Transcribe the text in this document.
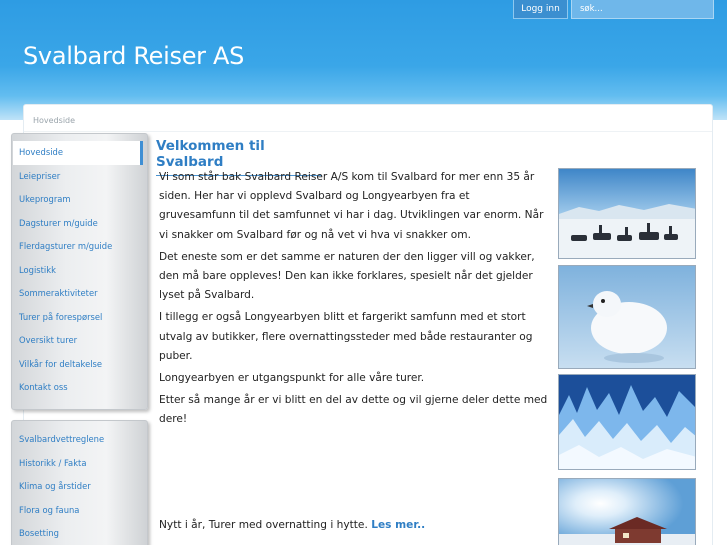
Svalbard Reiser AS
Logg inn
søk...
Hovedside
Hovedside
Leiepriser
Ukeprogram
Dagsturer m/guide
Flerdagsturer m/guide
Logistikk
Sommeraktiviteter
Turer på forespørsel
Oversikt turer
Vilkår for deltakelse
Kontakt oss
Svalbardvettreglene
Historikk / Fakta
Klima og årstider
Flora og fauna
Bosetting
Velkommen til Svalbard

Vi som står bak Svalbard Reiser A/S kom til Svalbard for mer enn 35 år siden. Her har vi opplevd Svalbard og Longyearbyen fra et gruvesamfunn til det samfunnet vi har i dag. Utviklingen var enorm. Når vi snakker om Svalbard før og nå vet vi hva vi snakker om.

Det eneste som er det samme er naturen der den ligger vill og vakker, den må bare oppleves! Den kan ikke forklares, spesielt når det gjelder lyset på Svalbard.

I tillegg er også Longyearbyen blitt et fargerikt samfunn med et stort utvalg av butikker, flere overnattingssteder med både restauranter og puber.

Longyearbyen er utgangspunkt for alle våre turer.

Etter så mange år er vi blitt en del av dette og vil gjerne deler dette med dere!

Nytt i år, Turer med overnatting i hytte. Les mer..
